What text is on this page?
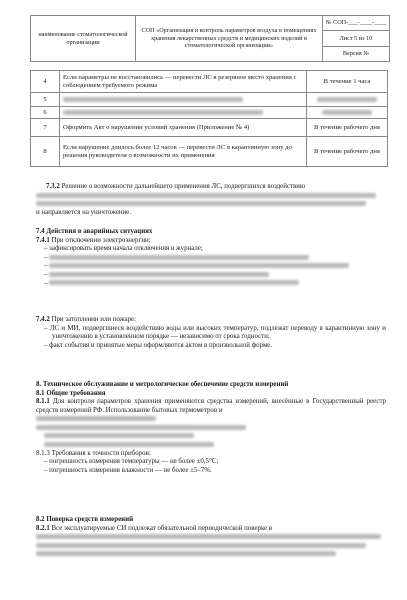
наименование стоматологической организации
СОП «Организация и контроль параметров воздуха в помещениях хранения лекарственных средств и медицинских изделий в стоматологической организации»
№ СОП-___-____-____
Лист 5 из 10
Версия №
4	Если параметры не восстановились — перевести ЛС в резервное место хранения с соблюдением требуемого режима	В течение 1 часа
5		
6		
7	Оформить Акт о нарушении условий хранения (Приложение № 4)	В течение рабочего дня
8	Если нарушение длилось более 12 часов — перевести ЛС в карантинную зону до решения руководителя о возможности их применения	В течение рабочего дня
7.3.2 Решение о возможности дальнейшего применения ЛС, подвергшихся воздействию
и направляется на уничтожение.
7.4 Действия в аварийных ситуациях
7.4.1 При отключении электроэнергии:
– зафиксировать время начала отключения в журнале;
–
–
–
–
7.4.2 При затоплении или пожаре:
– ЛС и МИ, подвергшиеся воздействию воды или высоких температур, подлежат переводу в карантинную зону и уничтожению в установленном порядке — независимо от срока годности;
– факт события и принятые меры оформляются актом в произвольной форме.
8. Техническое обслуживание и метрологическое обеспечение средств измерений
8.1 Общие требования
8.1.1 Для контроля параметров хранения применяются средства измерений, внесённые в Государственный реестр средств измерений РФ. Использование бытовых термометров и
8.1.3 Требования к точности приборов:
– погрешность измерения температуры — не более ±0,5°С;
– погрешность измерения влажности — не более ±5–7%.
8.2 Поверка средств измерений
8.2.1 Все эксплуатируемые СИ подлежат обязательной периодической поверке в
